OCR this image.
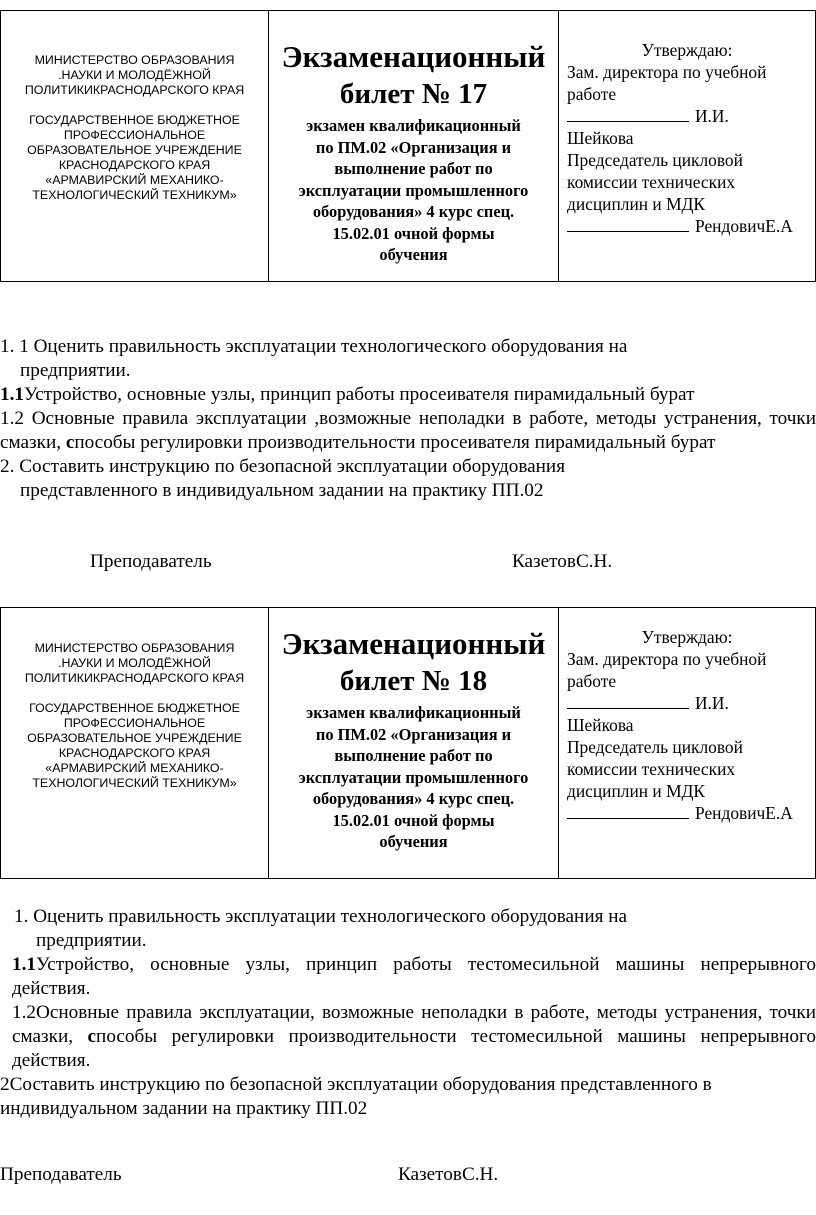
МИНИСТЕРСТВО ОБРАЗОВАНИЯ
.НАУКИ И МОЛОДЁЖНОЙ
ПОЛИТИКИКРАСНОДАРСКОГО КРАЯ
ГОСУДАРСТВЕННОЕ БЮДЖЕТНОЕ
ПРОФЕССИОНАЛЬНОЕ
ОБРАЗОВАТЕЛЬНОЕ УЧРЕЖДЕНИЕ
КРАСНОДАРСКОГО КРАЯ
«АРМАВИРСКИЙ МЕХАНИКО-
ТЕХНОЛОГИЧЕСКИЙ ТЕХНИКУМ»
Экзаменационный
билет № 17
экзамен квалификационный
по ПМ.02 «Организация и
выполнение работ по
эксплуатации промышленного
оборудования» 4 курс спец.
15.02.01 очной формы
обучения
Утверждаю:
Зам. директора по учебной
работе
И.И.
Шейкова
Председатель цикловой
комиссии технических
дисциплин и МДК
РендовичЕ.А

1. 1 Оценить правильность эксплуатации технологического оборудования на
предприятии.

1.1Устройство, основные узлы, принцип работы просеивателя пирамидальный бурат

1.2 Основные правила эксплуатации ,возможные неполадки в работе, методы устранения, точки смазки, способы регулировки производительности просеивателя пирамидальный бурат

2. Составить инструкцию по безопасной эксплуатации оборудования
представленного в индивидуальном задании на практику ПП.02

Преподаватель	КазетовС.Н.
МИНИСТЕРСТВО ОБРАЗОВАНИЯ
.НАУКИ И МОЛОДЁЖНОЙ
ПОЛИТИКИКРАСНОДАРСКОГО КРАЯ
ГОСУДАРСТВЕННОЕ БЮДЖЕТНОЕ
ПРОФЕССИОНАЛЬНОЕ
ОБРАЗОВАТЕЛЬНОЕ УЧРЕЖДЕНИЕ
КРАСНОДАРСКОГО КРАЯ
«АРМАВИРСКИЙ МЕХАНИКО-
ТЕХНОЛОГИЧЕСКИЙ ТЕХНИКУМ»
Экзаменационный
билет № 18
экзамен квалификационный
по ПМ.02 «Организация и
выполнение работ по
эксплуатации промышленного
оборудования» 4 курс спец.
15.02.01 очной формы
обучения
Утверждаю:
Зам. директора по учебной
работе
И.И.
Шейкова
Председатель цикловой
комиссии технических
дисциплин и МДК
РендовичЕ.А

1. Оценить правильность эксплуатации технологического оборудования на
предприятии.

1.1Устройство, основные узлы, принцип работы тестомесильной машины непрерывного действия.

1.2Основные правила эксплуатации, возможные неполадки в работе, методы устранения, точки смазки, способы регулировки производительности тестомесильной машины непрерывного действия.

2Составить инструкцию по безопасной эксплуатации оборудования представленного в индивидуальном задании на практику ПП.02

Преподаватель	КазетовС.Н.
